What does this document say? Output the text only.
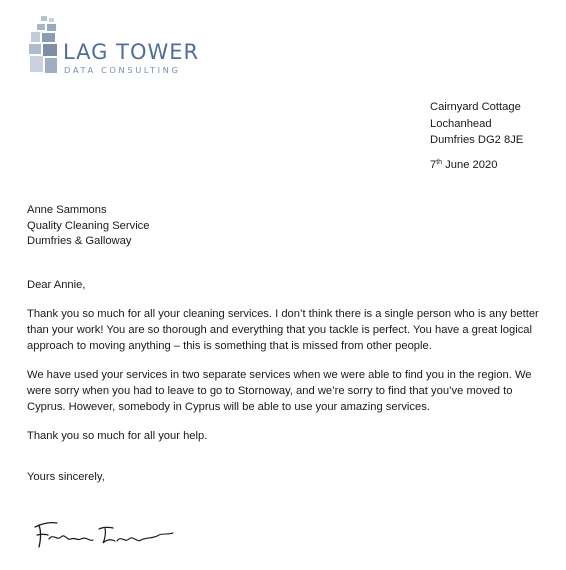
LAG TOWER
DATA CONSULTING
Cairnyard Cottage
Lochanhead
Dumfries DG2 8JE
7th June 2020
Anne Sammons
Quality Cleaning Service
Dumfries & Galloway
Dear Annie,
Thank you so much for all your cleaning services. I don’t think there is a single person who is any better
than your work! You are so thorough and everything that you tackle is perfect. You have a great logical
approach to moving anything – this is something that is missed from other people.
We have used your services in two separate services when we were able to find you in the region. We
were sorry when you had to leave to go to Stornoway, and we’re sorry to find that you’ve moved to
Cyprus. However, somebody in Cyprus will be able to use your amazing services.
Thank you so much for all your help.
Yours sincerely,
